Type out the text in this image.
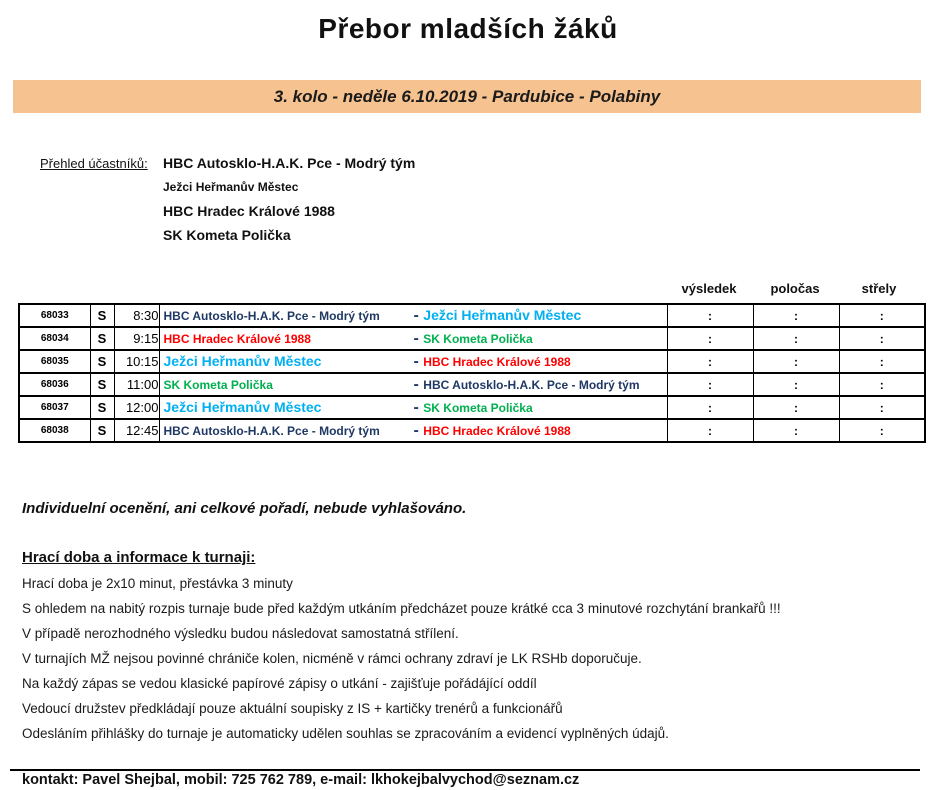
Přebor mladších žáků
3. kolo - neděle 6.10.2019 - Pardubice - Polabiny
Přehled účastníků: HBC Autosklo-H.A.K. Pce - Modrý tým
Ježci Heřmanův Městec
HBC Hradec Králové 1988
SK Kometa Polička
výsledek	poločas	střely
68033	S	8:30	HBC Autosklo-H.A.K. Pce - Modrý tým - Ježci Heřmanův Městec	:	:	:
68034	S	9:15	HBC Hradec Králové 1988 - SK Kometa Polička	:	:	:
68035	S	10:15	Ježci Heřmanův Městec - HBC Hradec Králové 1988	:	:	:
68036	S	11:00	SK Kometa Polička - HBC Autosklo-H.A.K. Pce - Modrý tým	:	:	:
68037	S	12:00	Ježci Heřmanův Městec - SK Kometa Polička	:	:	:
68038	S	12:45	HBC Autosklo-H.A.K. Pce - Modrý tým - HBC Hradec Králové 1988	:	:	:
Individuelní ocenění, ani celkové pořadí, nebude vyhlašováno.
Hrací doba a informace k turnaji:
Hrací doba je 2x10 minut, přestávka 3 minuty
S ohledem na nabitý rozpis turnaje bude před každým utkáním předcházet pouze krátké cca 3 minutové rozchytání brankařů !!!
V případě nerozhodného výsledku budou následovat samostatná střílení.
V turnajích MŽ nejsou povinné chrániče kolen, nicméně v rámci ochrany zdraví je LK RSHb doporučuje.
Na každý zápas se vedou klasické papírové zápisy o utkání - zajišťuje pořádájící oddíl
Vedoucí družstev předkládají pouze aktuální soupisky z IS + kartičky trenérů a funkcionářů
Odesláním přihlášky do turnaje je automaticky udělen souhlas se zpracováním a evidencí vyplněných údajů.
kontakt: Pavel Shejbal, mobil: 725 762 789, e-mail: lkhokejbalvychod@seznam.cz
